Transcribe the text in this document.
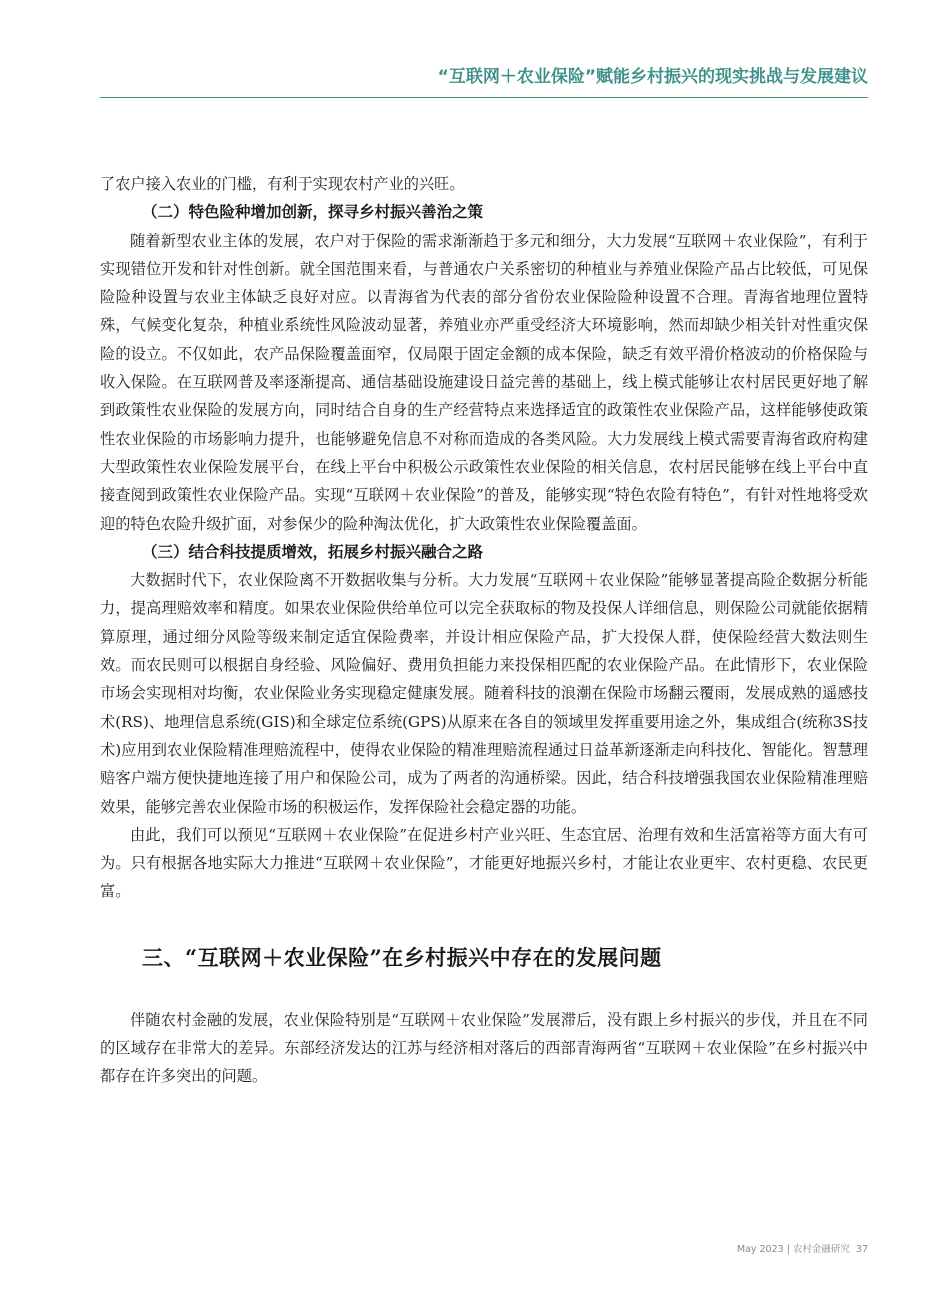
“互联网＋农业保险”赋能乡村振兴的现实挑战与发展建议

了农户接入农业的门槛，有利于实现农村产业的兴旺。

（二）特色险种增加创新，探寻乡村振兴善治之策

随着新型农业主体的发展，农户对于保险的需求渐渐趋于多元和细分，大力发展“互联网＋农业保险”，有利于实现错位开发和针对性创新。就全国范围来看，与普通农户关系密切的种植业与养殖业保险产品占比较低，可见保险险种设置与农业主体缺乏良好对应。以青海省为代表的部分省份农业保险险种设置不合理。青海省地理位置特殊，气候变化复杂，种植业系统性风险波动显著，养殖业亦严重受经济大环境影响，然而却缺少相关针对性重灾保险的设立。不仅如此，农产品保险覆盖面窄，仅局限于固定金额的成本保险，缺乏有效平滑价格波动的价格保险与收入保险。在互联网普及率逐渐提高、通信基础设施建设日益完善的基础上，线上模式能够让农村居民更好地了解到政策性农业保险的发展方向，同时结合自身的生产经营特点来选择适宜的政策性农业保险产品，这样能够使政策性农业保险的市场影响力提升，也能够避免信息不对称而造成的各类风险。大力发展线上模式需要青海省政府构建大型政策性农业保险发展平台，在线上平台中积极公示政策性农业保险的相关信息，农村居民能够在线上平台中直接查阅到政策性农业保险产品。实现“互联网＋农业保险”的普及，能够实现“特色农险有特色”，有针对性地将受欢迎的特色农险升级扩面，对参保少的险种淘汰优化，扩大政策性农业保险覆盖面。

（三）结合科技提质增效，拓展乡村振兴融合之路

大数据时代下，农业保险离不开数据收集与分析。大力发展“互联网＋农业保险”能够显著提高险企数据分析能力，提高理赔效率和精度。如果农业保险供给单位可以完全获取标的物及投保人详细信息，则保险公司就能依据精算原理，通过细分风险等级来制定适宜保险费率，并设计相应保险产品，扩大投保人群，使保险经营大数法则生效。而农民则可以根据自身经验、风险偏好、费用负担能力来投保相匹配的农业保险产品。在此情形下，农业保险市场会实现相对均衡，农业保险业务实现稳定健康发展。随着科技的浪潮在保险市场翻云覆雨，发展成熟的遥感技术(RS)、地理信息系统(GIS)和全球定位系统(GPS)从原来在各自的领域里发挥重要用途之外，集成组合(统称3S技术)应用到农业保险精准理赔流程中，使得农业保险的精准理赔流程通过日益革新逐渐走向科技化、智能化。智慧理赔客户端方便快捷地连接了用户和保险公司，成为了两者的沟通桥梁。因此，结合科技增强我国农业保险精准理赔效果，能够完善农业保险市场的积极运作，发挥保险社会稳定器的功能。

由此，我们可以预见“互联网＋农业保险”在促进乡村产业兴旺、生态宜居、治理有效和生活富裕等方面大有可为。只有根据各地实际大力推进“互联网＋农业保险”，才能更好地振兴乡村，才能让农业更牢、农村更稳、农民更富。

三、“互联网＋农业保险”在乡村振兴中存在的发展问题

伴随农村金融的发展，农业保险特别是“互联网＋农业保险”发展滞后，没有跟上乡村振兴的步伐，并且在不同的区域存在非常大的差异。东部经济发达的江苏与经济相对落后的西部青海两省“互联网＋农业保险”在乡村振兴中都存在许多突出的问题。

May 2023 | 农村金融研究 37
